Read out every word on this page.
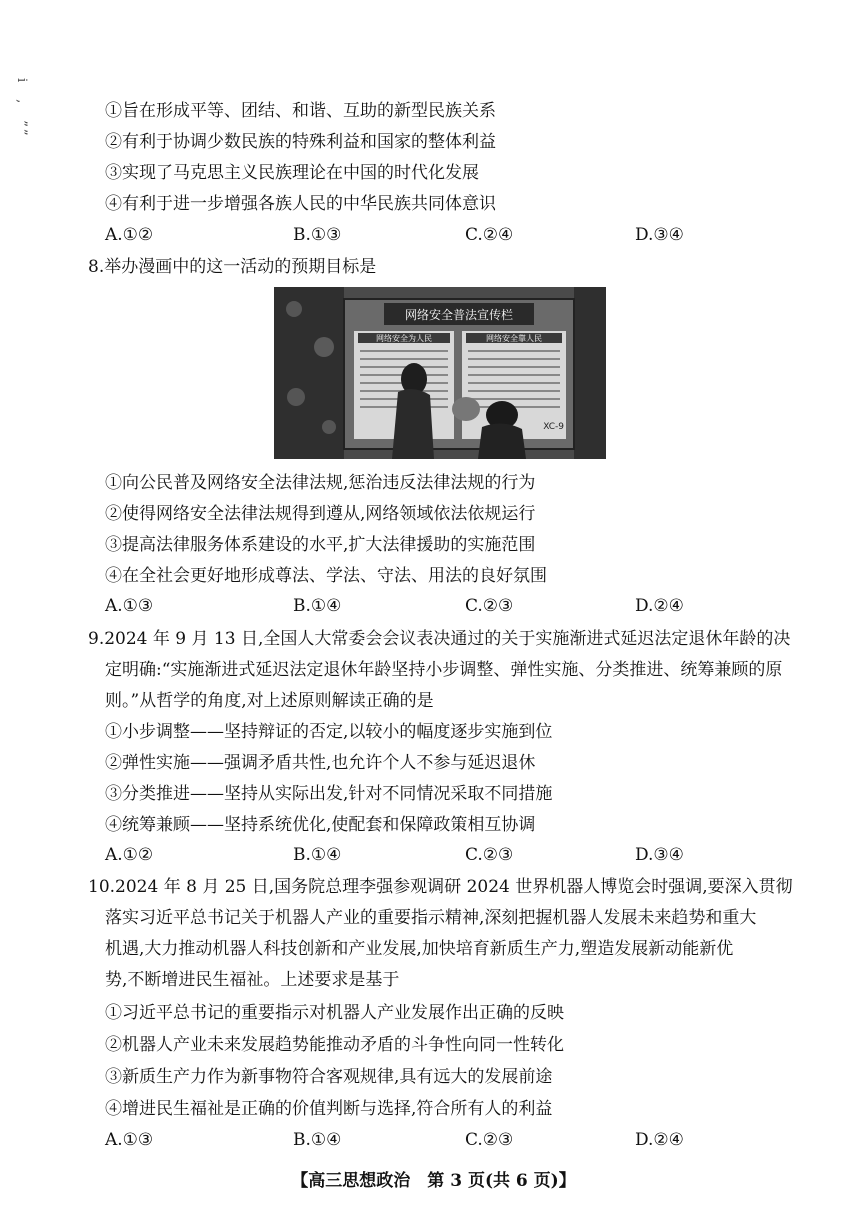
i , ””	①旨在形成平等、团结、和谐、互助的新型民族关系
②有利于协调少数民族的特殊利益和国家的整体利益
③实现了马克思主义民族理论在中国的时代化发展
④有利于进一步增强各族人民的中华民族共同体意识
A.①②	B.①③	C.②④	D.③④
8.举办漫画中的这一活动的预期目标是
网络安全普法宣传栏
网络安全为人民	网络安全靠人民
XC-9
①向公民普及网络安全法律法规,惩治违反法律法规的行为
②使得网络安全法律法规得到遵从,网络领域依法依规运行
③提高法律服务体系建设的水平,扩大法律援助的实施范围
④在全社会更好地形成尊法、学法、守法、用法的良好氛围
A.①③	B.①④	C.②③	D.②④
9.2024 年 9 月 13 日,全国人大常委会会议表决通过的关于实施渐进式延迟法定退休年龄的决
定明确:“实施渐进式延迟法定退休年龄坚持小步调整、弹性实施、分类推进、统筹兼顾的原
则。”从哲学的角度,对上述原则解读正确的是
①小步调整——坚持辩证的否定,以较小的幅度逐步实施到位
②弹性实施——强调矛盾共性,也允许个人不参与延迟退休
③分类推进——坚持从实际出发,针对不同情况采取不同措施
④统筹兼顾——坚持系统优化,使配套和保障政策相互协调
A.①②	B.①④	C.②③	D.③④
10.2024 年 8 月 25 日,国务院总理李强参观调研 2024 世界机器人博览会时强调,要深入贯彻
落实习近平总书记关于机器人产业的重要指示精神,深刻把握机器人发展未来趋势和重大
机遇,大力推动机器人科技创新和产业发展,加快培育新质生产力,塑造发展新动能新优
势,不断增进民生福祉。上述要求是基于
①习近平总书记的重要指示对机器人产业发展作出正确的反映
②机器人产业未来发展趋势能推动矛盾的斗争性向同一性转化
③新质生产力作为新事物符合客观规律,具有远大的发展前途
④增进民生福祉是正确的价值判断与选择,符合所有人的利益
A.①③	B.①④	C.②③	D.②④
【高三思想政治　第 3 页(共 6 页)】
